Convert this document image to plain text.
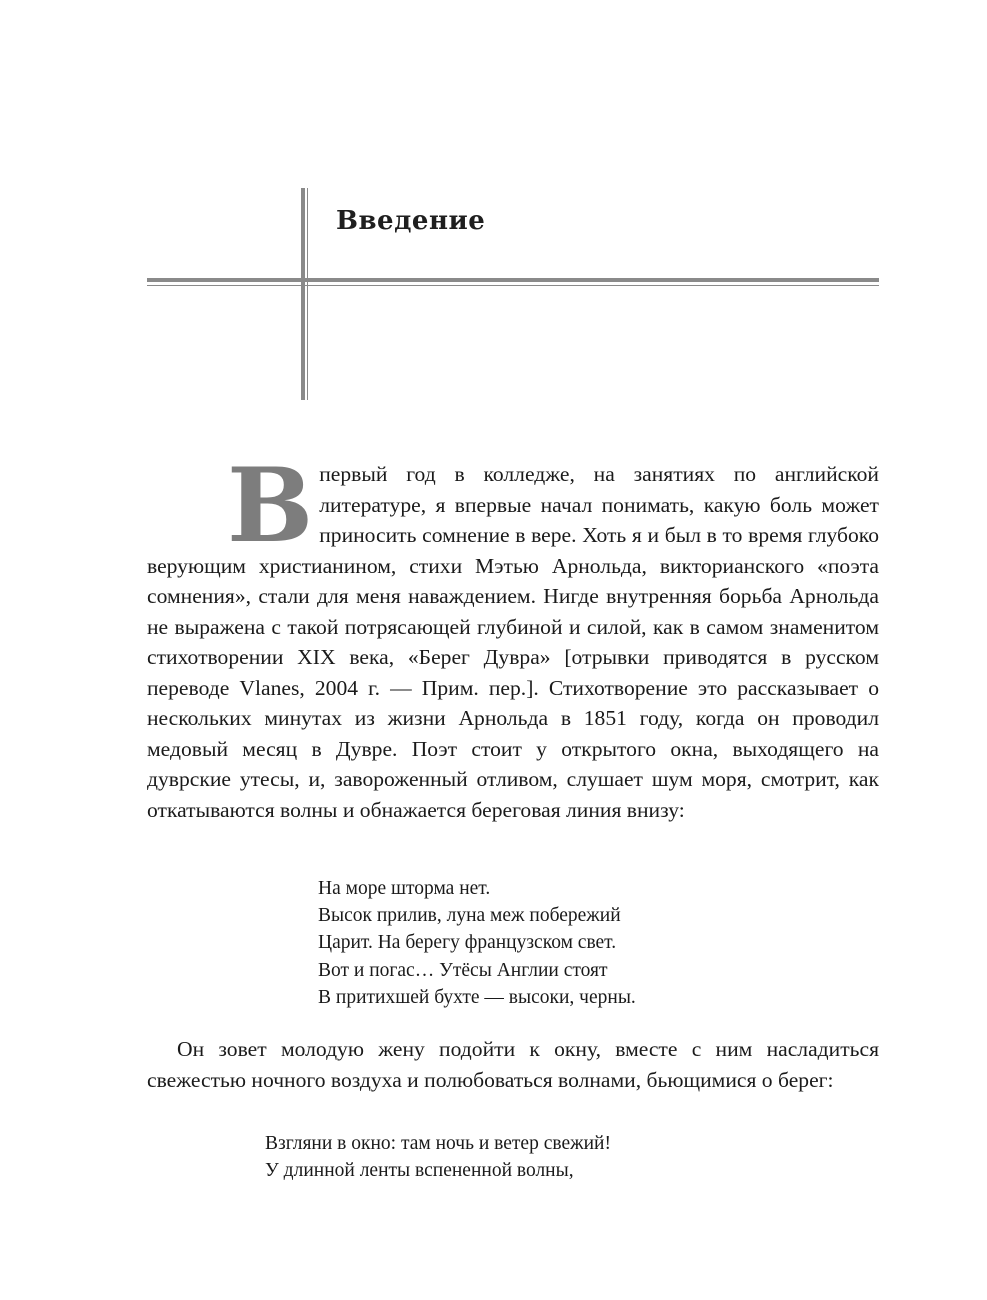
Введение

Впервый год в колледже, на занятиях по английской литературе, я впервые начал понимать, какую боль может приносить сомнение в вере. Хоть я и был в то время глубоко верующим христианином, стихи Мэтью Арнольда, викторианского «поэта сомнения», стали для меня наваждением. Нигде внутренняя борьба Арнольда не выражена с такой потрясающей глубиной и силой, как в самом знаменитом стихотворении XIX века, «Берег Дувра» [отрывки приводятся в русском переводе Vlanes, 2004 г. — Прим. пер.]. Стихотворение это рассказывает о нескольких минутах из жизни Арнольда в 1851 году, когда он проводил медовый месяц в Дувре. Поэт стоит у открытого окна, выходящего на дуврские утесы, и, завороженный отливом, слушает шум моря, смотрит, как откатываются волны и обнажается береговая линия внизу:

На море шторма нет.
Высок прилив, луна меж побережий
Царит. На берегу французском свет.
Вот и погас… Утёсы Англии стоят
В притихшей бухте — высоки, черны.

Он зовет молодую жену подойти к окну, вместе с ним насладиться свежестью ночного воздуха и полюбоваться волнами, бьющимися о берег:

Взгляни в окно: там ночь и ветер свежий!
У длинной ленты вспененной волны,
